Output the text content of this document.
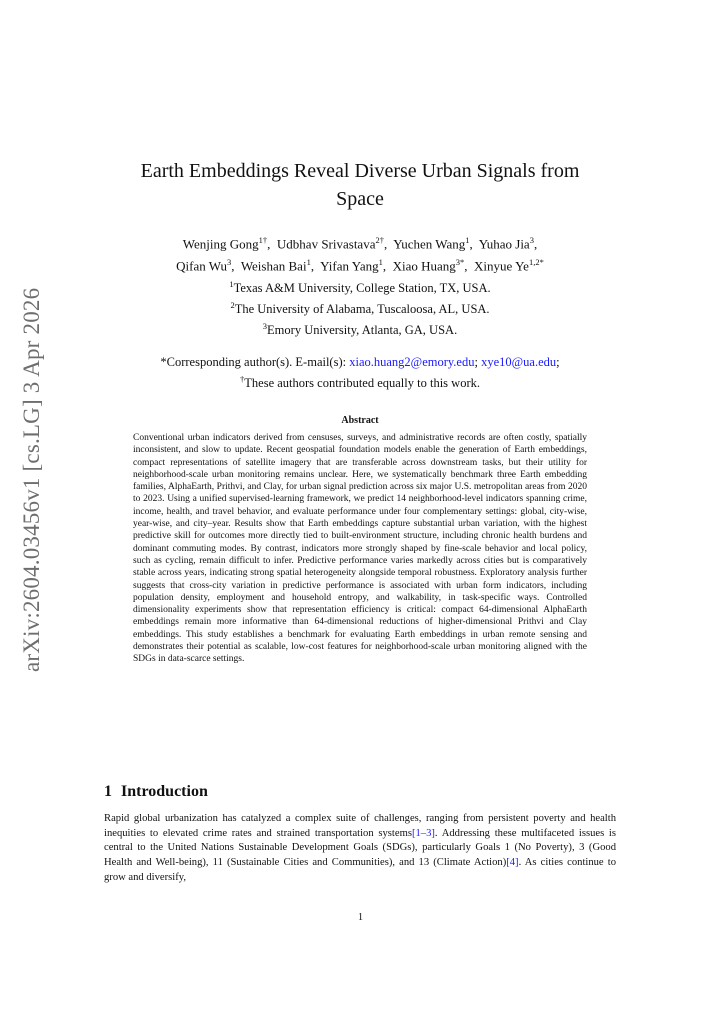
arXiv:2604.03456v1 [cs.LG] 3 Apr 2026
Earth Embeddings Reveal Diverse Urban Signals from
Space
Wenjing Gong$^{1\dagger}$,  Udbhav Srivastava$^{2\dagger}$,  Yuchen Wang$^1$,  Yuhao Jia$^3$,
Qifan Wu$^3$,  Weishan Bai$^1$,  Yifan Yang$^1$,  Xiao Huang$^{3*}$,  Xinyue $Ye^{1,2*}$
$^1$Texas A&M University, College Station, TX, USA.
$^2$The University of Alabama, Tuscaloosa, AL, USA.
$^3$Emory University, Atlanta, GA, USA.
*Corresponding author(s). E-mail(s): xiao.huang2@emory.edu; xye10@ua.edu;
†These authors contributed equally to this work.
Abstract

Conventional urban indicators derived from censuses, surveys, and administrative records are often costly, spatially inconsistent, and slow to update. Recent geospatial foundation models enable the generation of Earth embeddings, compact representations of satellite imagery that are transferable across downstream tasks, but their utility for neighborhood-scale urban monitoring remains unclear. Here, we systematically benchmark three Earth embedding families, AlphaEarth, Prithvi, and Clay, for urban signal prediction across six major U.S. metropolitan areas from 2020 to 2023. Using a unified supervised-learning framework, we predict 14 neighborhood-level indicators spanning crime, income, health, and travel behavior, and evaluate performance under four complementary settings: global, city-wise, year-wise, and city–year. Results show that Earth embeddings capture substantial urban variation, with the highest predictive skill for outcomes more directly tied to built-environment structure, including chronic health burdens and dominant commuting modes. By contrast, indicators more strongly shaped by fine-scale behavior and local policy, such as cycling, remain difficult to infer. Predictive performance varies markedly across cities but is comparatively stable across years, indicating strong spatial heterogeneity alongside temporal robustness. Exploratory analysis further suggests that cross-city variation in predictive performance is associated with urban form indicators, including population density, employment and household entropy, and walkability, in task-specific ways. Controlled dimensionality experiments show that representation efficiency is critical: compact 64-dimensional AlphaEarth embeddings remain more informative than 64-dimensional reductions of higher-dimensional Prithvi and Clay embeddings. This study establishes a benchmark for evaluating Earth embeddings in urban remote sensing and demonstrates their potential as scalable, low-cost features for neighborhood-scale urban monitoring aligned with the SDGs in data-scarce settings.

1 Introduction

Rapid global urbanization has catalyzed a complex suite of challenges, ranging from persistent poverty and health inequities to elevated crime rates and strained transportation systems[1–3]. Addressing these multifaceted issues is central to the United Nations Sustainable Development Goals (SDGs), particularly Goals 1 (No Poverty), 3 (Good Health and Well-being), 11 (Sustainable Cities and Communities), and 13 (Climate Action)[4]. As cities continue to grow and diversify,

1
